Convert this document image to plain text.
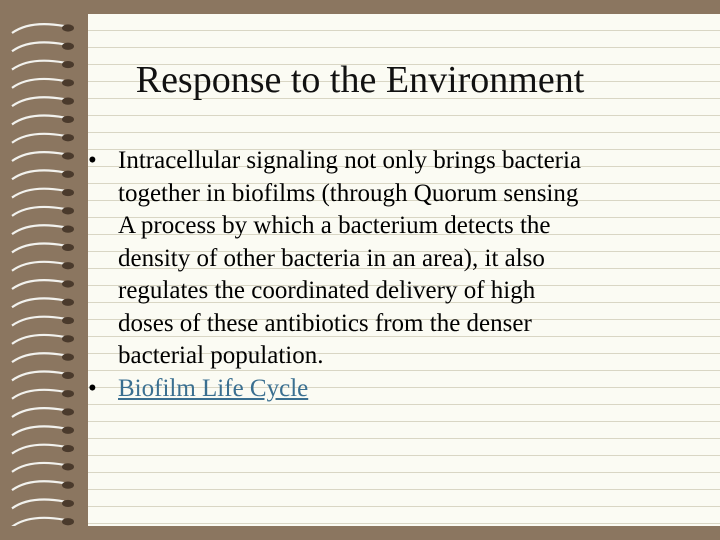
Response to the Environment
• Intracellular signaling not only brings bacteria
together in biofilms (through Quorum sensing
A process by which a bacterium detects the
density of other bacteria in an area), it also
regulates the coordinated delivery of high
doses of these antibiotics from the denser
bacterial population.
• Biofilm Life Cycle
